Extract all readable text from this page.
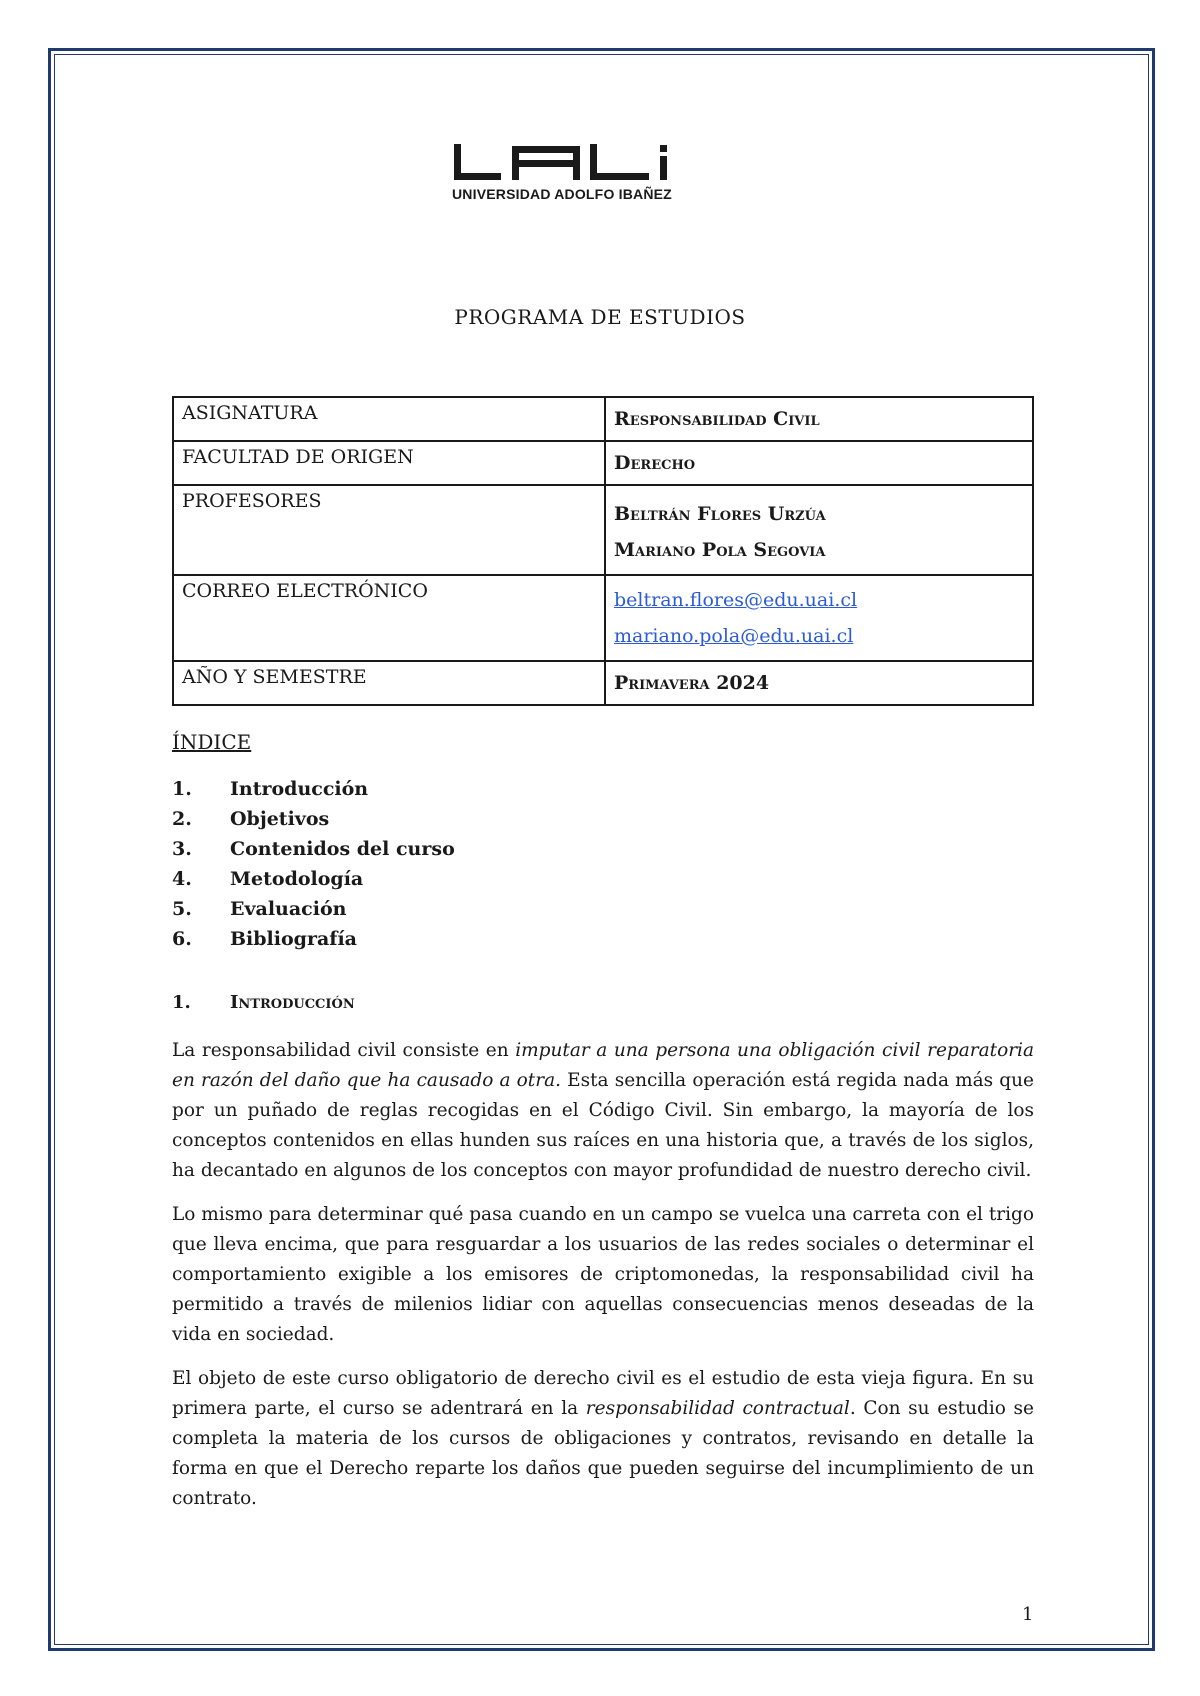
UNIVERSIDAD ADOLFO IBAÑEZ
PROGRAMA DE ESTUDIOS
ASIGNATURA	Responsabilidad Civil
FACULTAD DE ORIGEN	Derecho
PROFESORES	Beltrán Flores Urzúa
Mariano Pola Segovia

CORREO ELECTRÓNICO	beltran.flores@edu.uai.cl
mariano.pola@edu.uai.cl

AÑO Y SEMESTRE	Primavera 2024
ÍNDICE
1. Introducción
2. Objetivos
3. Contenidos del curso
4. Metodología
5. Evaluación
6. Bibliografía
1. Introducción

La responsabilidad civil consiste en imputar a una persona una obligación civil reparatoria en razón del daño que ha causado a otra. Esta sencilla operación está regida nada más que por un puñado de reglas recogidas en el Código Civil. Sin embargo, la mayoría de los conceptos contenidos en ellas hunden sus raíces en una historia que, a través de los siglos, ha decantado en algunos de los conceptos con mayor profundidad de nuestro derecho civil.

Lo mismo para determinar qué pasa cuando en un campo se vuelca una carreta con el trigo que lleva encima, que para resguardar a los usuarios de las redes sociales o determinar el comportamiento exigible a los emisores de criptomonedas, la responsabilidad civil ha permitido a través de milenios lidiar con aquellas consecuencias menos deseadas de la vida en sociedad.

El objeto de este curso obligatorio de derecho civil es el estudio de esta vieja figura. En su primera parte, el curso se adentrará en la responsabilidad contractual. Con su estudio se completa la materia de los cursos de obligaciones y contratos, revisando en detalle la forma en que el Derecho reparte los daños que pueden seguirse del incumplimiento de un contrato.

1
